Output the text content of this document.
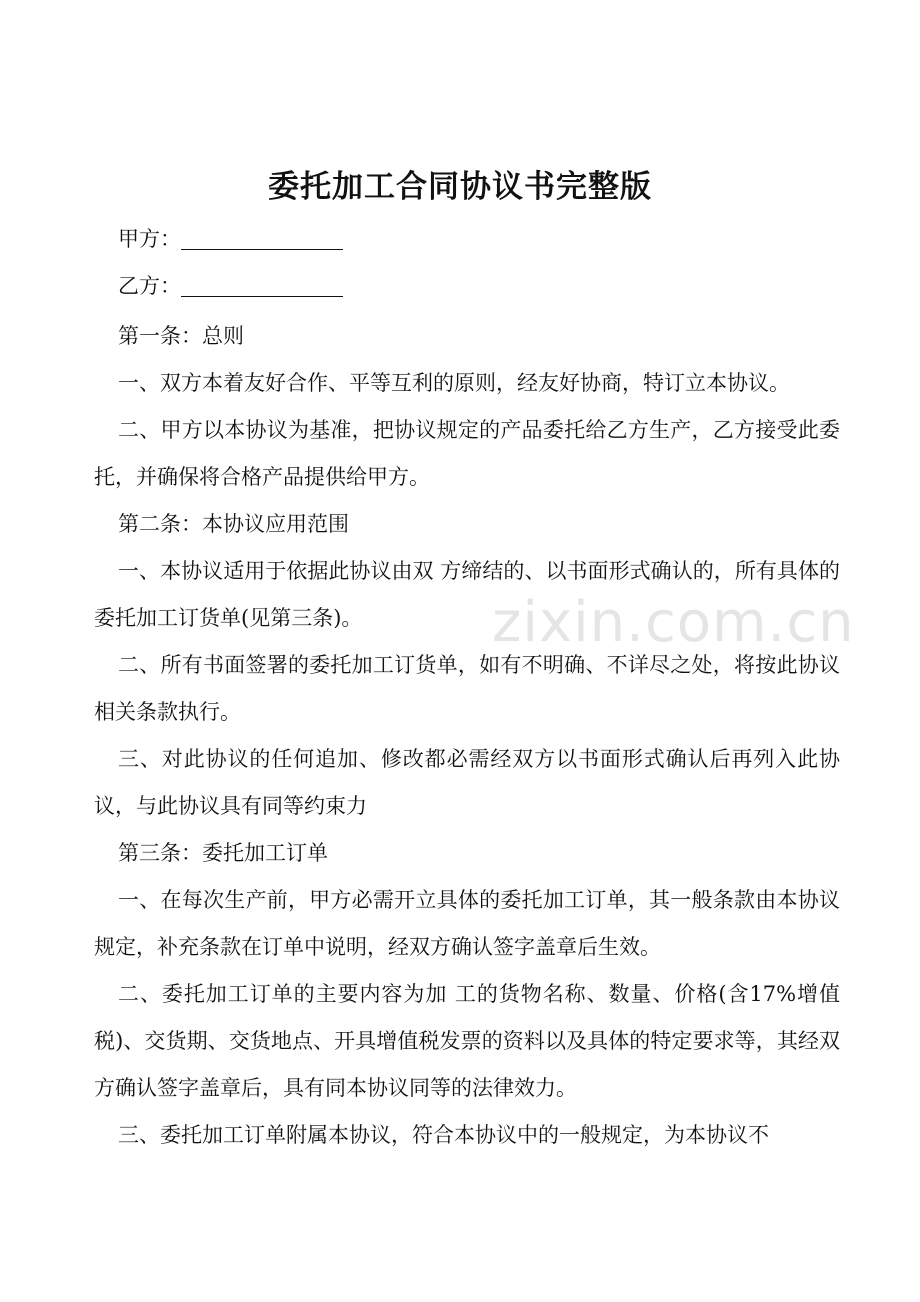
委托加工合同协议书完整版
甲方：
乙方：

第一条：总则

一、双方本着友好合作、平等互利的原则，经友好协商，特订立本协议。

二、甲方以本协议为基准，把协议规定的产品委托给乙方生产，乙方接受此委托，并确保将合格产品提供给甲方。

第二条：本协议应用范围

一、本协议适用于依据此协议由双 方缔结的、以书面形式确认的，所有具体的委托加工订货单(见第三条)。

二、所有书面签署的委托加工订货单，如有不明确、不详尽之处，将按此协议相关条款执行。

三、对此协议的任何追加、修改都必需经双方以书面形式确认后再列入此协议，与此协议具有同等约束力

第三条：委托加工订单

一、在每次生产前，甲方必需开立具体的委托加工订单，其一般条款由本协议规定，补充条款在订单中说明，经双方确认签字盖章后生效。

二、委托加工订单的主要内容为加 工的货物名称、数量、价格(含17%增值税)、交货期、交货地点、开具增值税发票的资料以及具体的特定要求等，其经双方确认签字盖章后，具有同本协议同等的法律效力。

三、委托加工订单附属本协议，符合本协议中的一般规定，为本协议不

zixin.com.cn
